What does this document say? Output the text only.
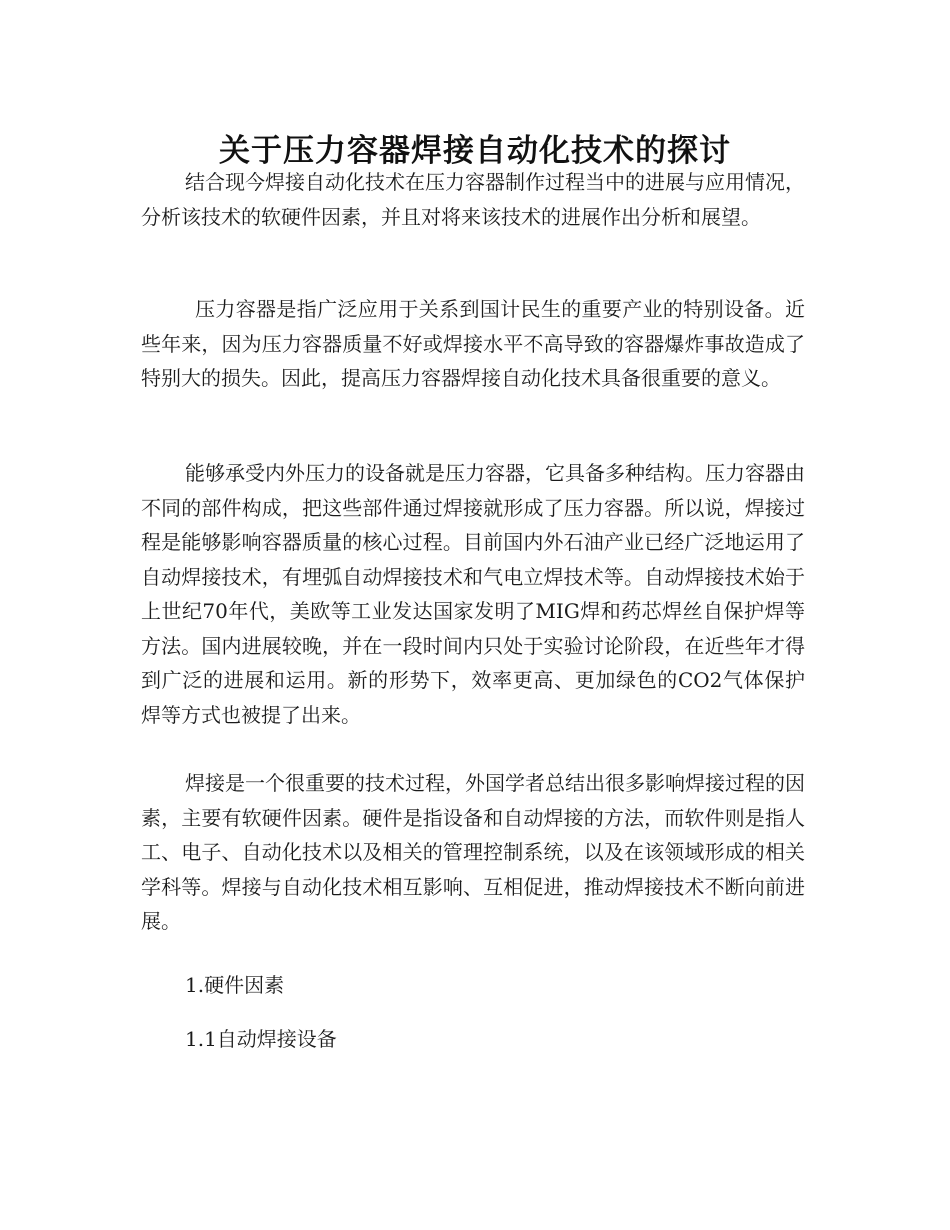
关于压力容器焊接自动化技术的探讨

结合现今焊接自动化技术在压力容器制作过程当中的进展与应用情况，分析该技术的软硬件因素，并且对将来该技术的进展作出分析和展望。

压力容器是指广泛应用于关系到国计民生的重要产业的特别设备。近些年来，因为压力容器质量不好或焊接水平不高导致的容器爆炸事故造成了特别大的损失。因此，提高压力容器焊接自动化技术具备很重要的意义。

能够承受内外压力的设备就是压力容器，它具备多种结构。压力容器由不同的部件构成，把这些部件通过焊接就形成了压力容器。所以说，焊接过程是能够影响容器质量的核心过程。目前国内外石油产业已经广泛地运用了自动焊接技术，有埋弧自动焊接技术和气电立焊技术等。自动焊接技术始于上世纪70年代，美欧等工业发达国家发明了MIG焊和药芯焊丝自保护焊等方法。国内进展较晚，并在一段时间内只处于实验讨论阶段，在近些年才得到广泛的进展和运用。新的形势下，效率更高、更加绿色的CO2气体保护焊等方式也被提了出来。

焊接是一个很重要的技术过程，外国学者总结出很多影响焊接过程的因素，主要有软硬件因素。硬件是指设备和自动焊接的方法，而软件则是指人工、电子、自动化技术以及相关的管理控制系统，以及在该领域形成的相关学科等。焊接与自动化技术相互影响、互相促进，推动焊接技术不断向前进展。

1.硬件因素

1.1自动焊接设备
